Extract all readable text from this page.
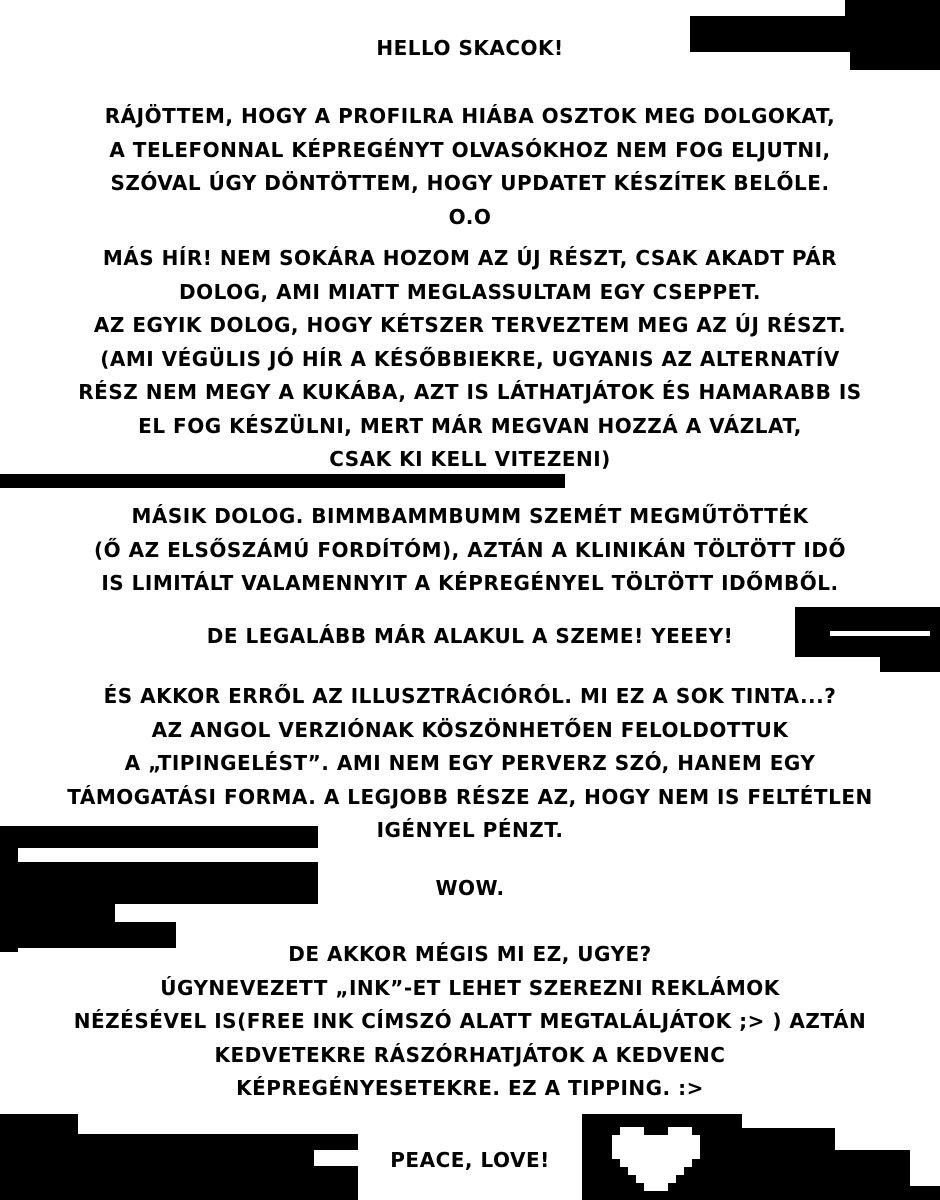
HELLO SKACOK!
RÁJÖTTEM, HOGY A PROFILRA HIÁBA OSZTOK MEG DOLGOKAT,
A TELEFONNAL KÉPREGÉNYT OLVASÓKHOZ NEM FOG ELJUTNI,
SZÓVAL ÚGY DÖNTÖTTEM, HOGY UPDATET KÉSZÍTEK BELŐLE.
O.O
MÁS HÍR! NEM SOKÁRA HOZOM AZ ÚJ RÉSZT, CSAK AKADT PÁR
DOLOG, AMI MIATT MEGLASSULTAM EGY CSEPPET.
AZ EGYIK DOLOG, HOGY KÉTSZER TERVEZTEM MEG AZ ÚJ RÉSZT.
(AMI VÉGÜLIS JÓ HÍR A KÉSŐBBIEKRE, UGYANIS AZ ALTERNATÍV
RÉSZ NEM MEGY A KUKÁBA, AZT IS LÁTHATJÁTOK ÉS HAMARABB IS
EL FOG KÉSZÜLNI, MERT MÁR MEGVAN HOZZÁ A VÁZLAT,
CSAK KI KELL VITEZENI)
MÁSIK DOLOG. BIMMBAMMBUMM SZEMÉT MEGMŰTÖTTÉK
(Ő AZ ELSŐSZÁMÚ FORDÍTÓM), AZTÁN A KLINIKÁN TÖLTÖTT IDŐ
IS LIMITÁLT VALAMENNYIT A KÉPREGÉNYEL TÖLTÖTT IDŐMBŐL.
DE LEGALÁBB MÁR ALAKUL A SZEME! YEEEY!
ÉS AKKOR ERRŐL AZ ILLUSZTRÁCIÓRÓL. MI EZ A SOK TINTA...?
AZ ANGOL VERZIÓNAK KÖSZÖNHETŐEN FELOLDOTTUK
A „TIPINGELÉST”. AMI NEM EGY PERVERZ SZÓ, HANEM EGY
TÁMOGATÁSI FORMA. A LEGJOBB RÉSZE AZ, HOGY NEM IS FELTÉTLEN
IGÉNYEL PÉNZT.
WOW.
DE AKKOR MÉGIS MI EZ, UGYE?
ÚGYNEVEZETT „INK”-ET LEHET SZEREZNI REKLÁMOK
NÉZÉSÉVEL IS(FREE INK CÍMSZÓ ALATT MEGTALÁLJÁTOK ;> ) AZTÁN
KEDVETEKRE RÁSZÓRHATJÁTOK A KEDVENC
KÉPREGÉNYESETEKRE. EZ A TIPPING. :>
PEACE, LOVE!
